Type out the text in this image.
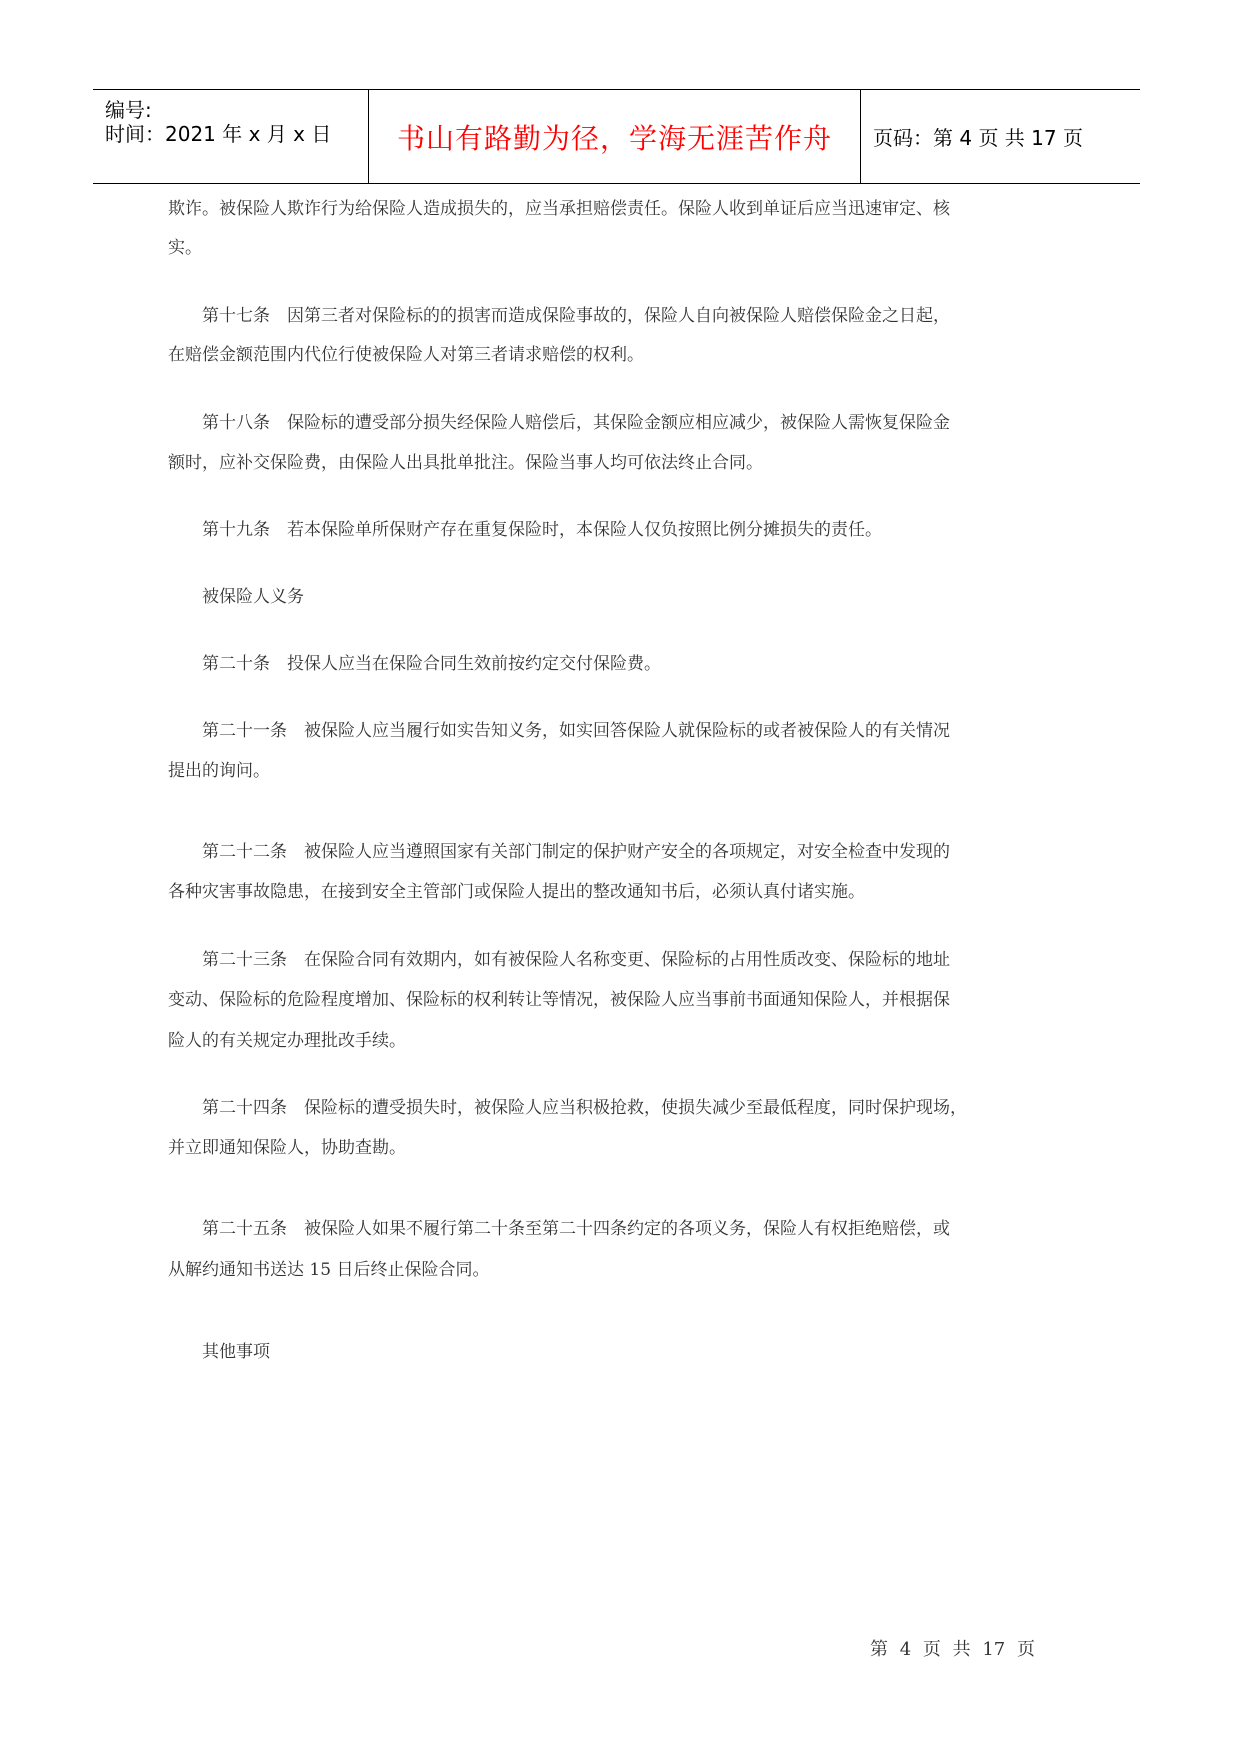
编号:
时间：2021 年 x 月 x 日 书山有路勤为径，学海无涯苦作舟 页码：第 4 页 共 17 页
欺诈。被保险人欺诈行为给保险人造成损失的，应当承担赔偿责任。保险人收到单证后应当迅速审定、核
实。
第十七条　因第三者对保险标的的损害而造成保险事故的，保险人自向被保险人赔偿保险金之日起，
在赔偿金额范围内代位行使被保险人对第三者请求赔偿的权利。
第十八条　保险标的遭受部分损失经保险人赔偿后，其保险金额应相应减少，被保险人需恢复保险金
额时，应补交保险费，由保险人出具批单批注。保险当事人均可依法终止合同。
第十九条　若本保险单所保财产存在重复保险时，本保险人仅负按照比例分摊损失的责任。
被保险人义务
第二十条　投保人应当在保险合同生效前按约定交付保险费。
第二十一条　被保险人应当履行如实告知义务，如实回答保险人就保险标的或者被保险人的有关情况
提出的询问。
第二十二条　被保险人应当遵照国家有关部门制定的保护财产安全的各项规定，对安全检查中发现的
各种灾害事故隐患，在接到安全主管部门或保险人提出的整改通知书后，必须认真付诸实施。
第二十三条　在保险合同有效期内，如有被保险人名称变更、保险标的占用性质改变、保险标的地址
变动、保险标的危险程度增加、保险标的权利转让等情况，被保险人应当事前书面通知保险人，并根据保
险人的有关规定办理批改手续。
第二十四条　保险标的遭受损失时，被保险人应当积极抢救，使损失减少至最低程度，同时保护现场，
并立即通知保险人，协助查勘。
第二十五条　被保险人如果不履行第二十条至第二十四条约定的各项义务，保险人有权拒绝赔偿，或
从解约通知书送达 15 日后终止保险合同。
其他事项
第 4 页 共 17 页
